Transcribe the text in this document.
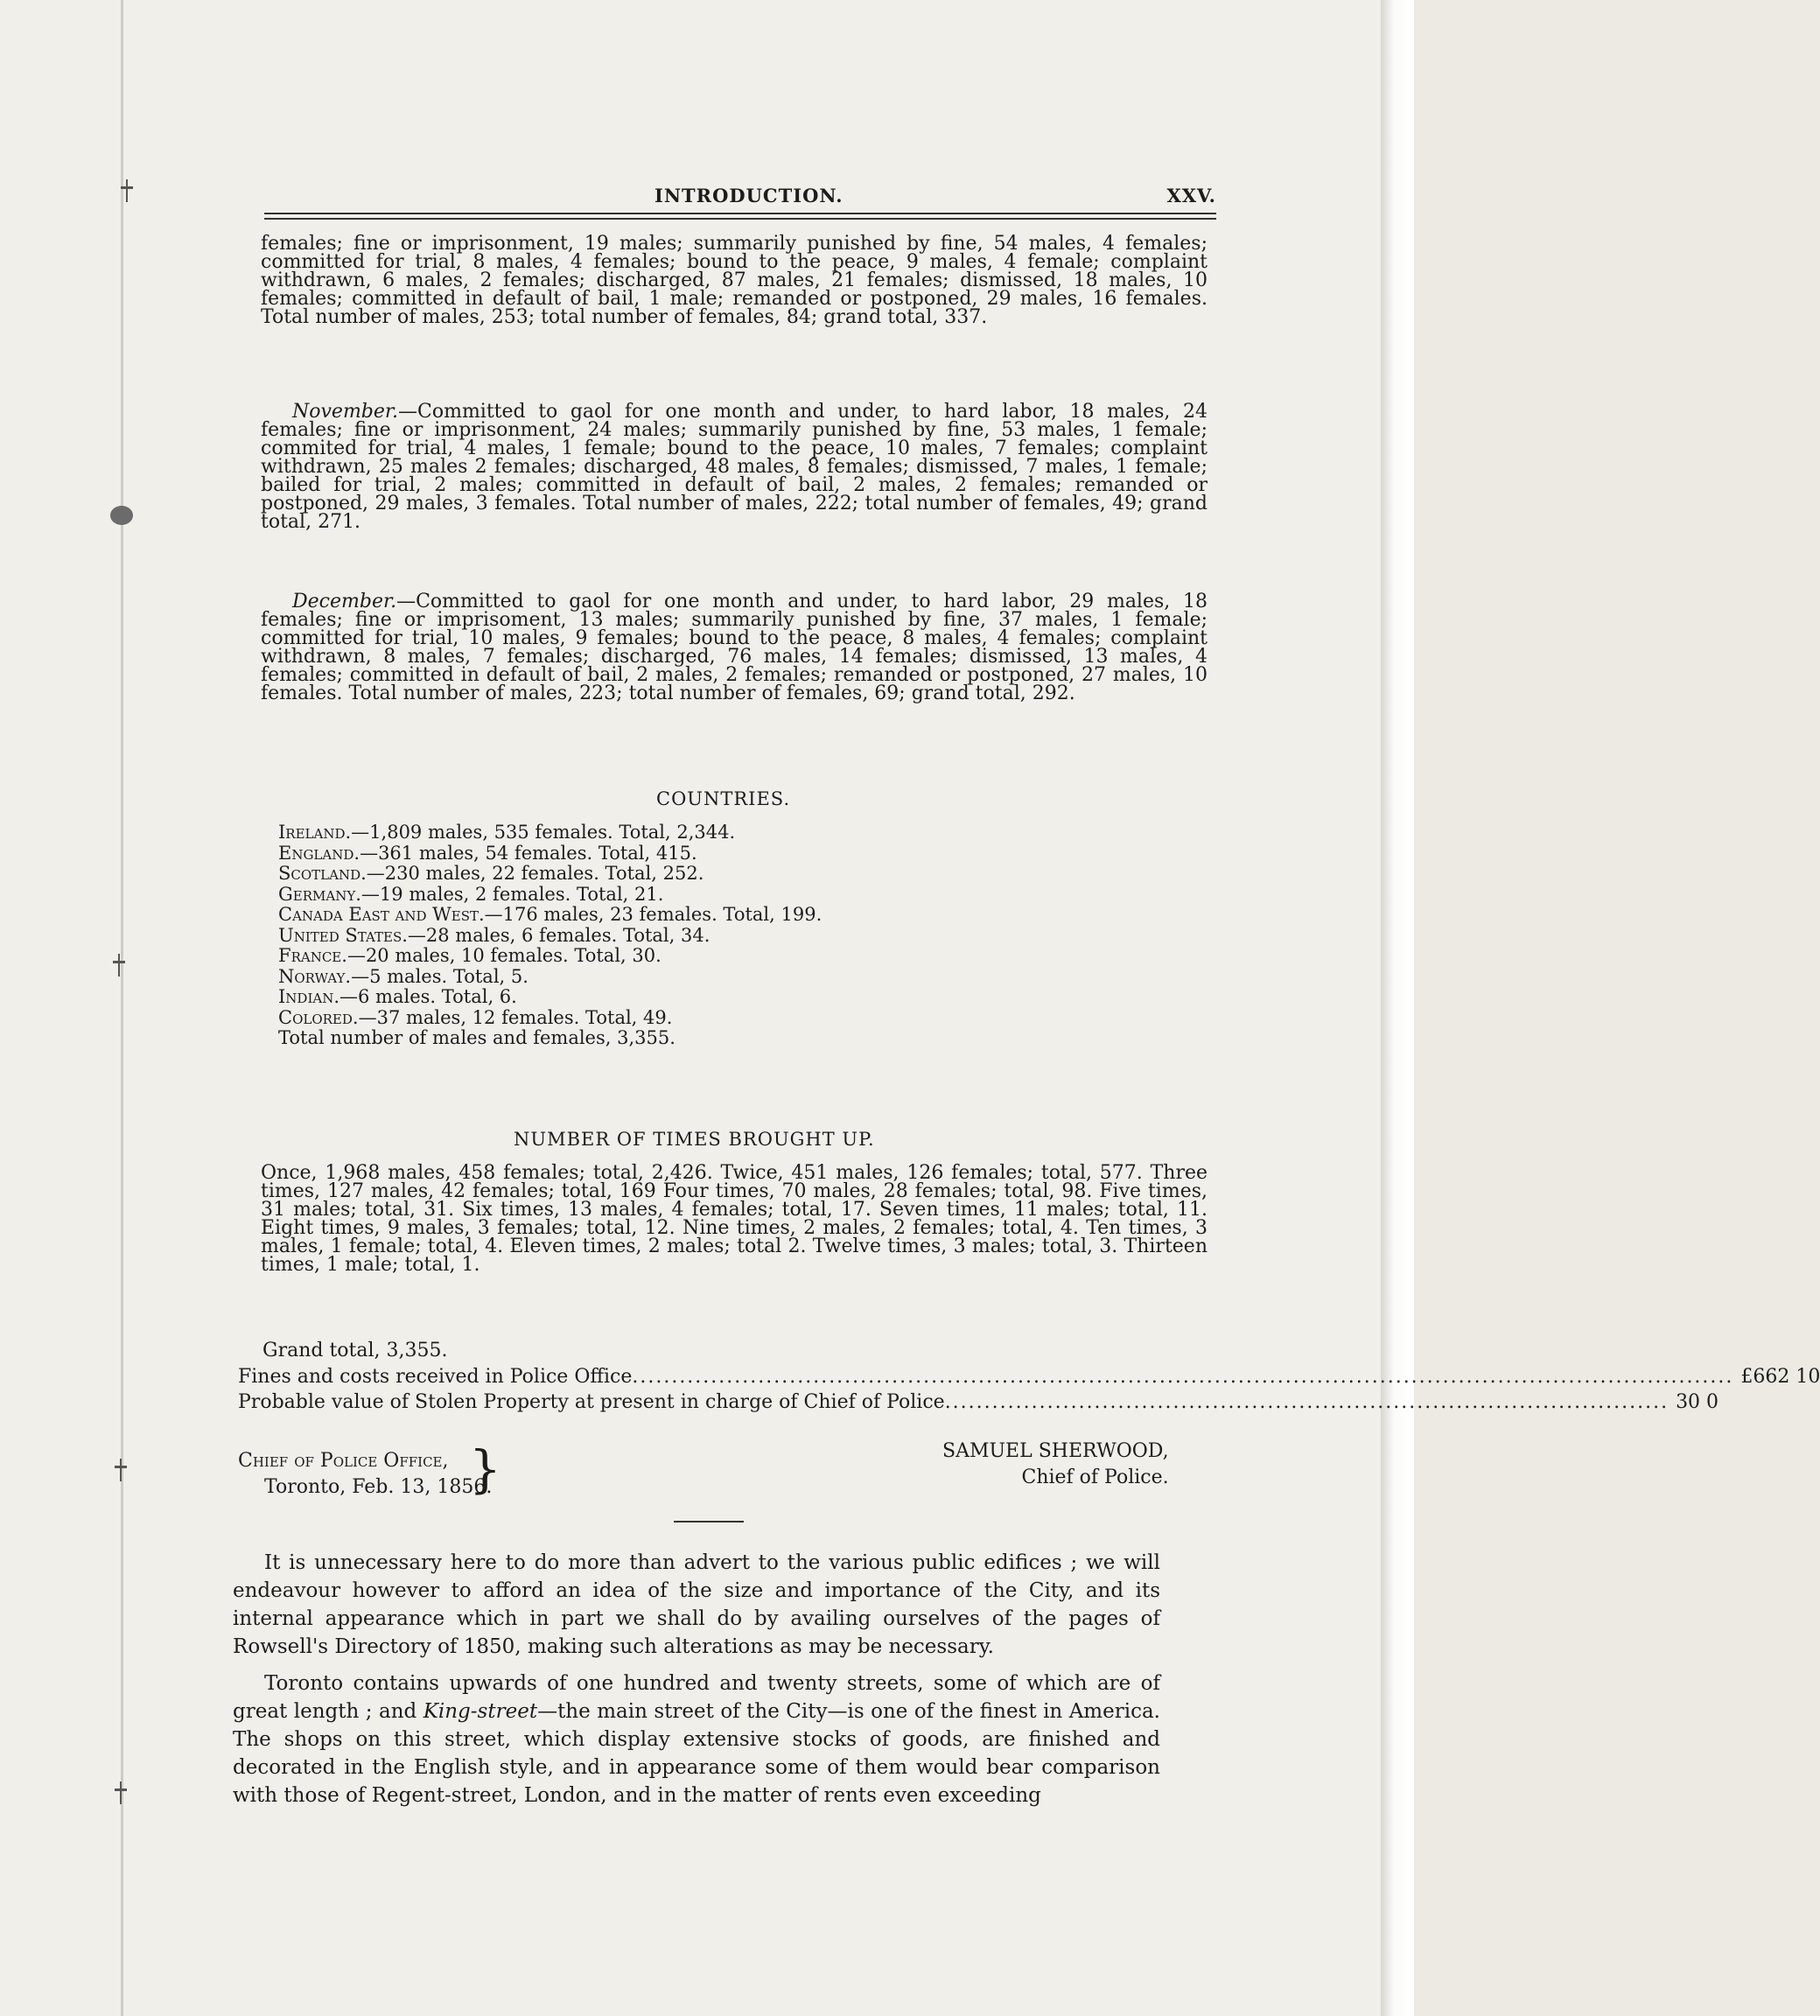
INTRODUCTION.	XXV.

females; fine or imprisonment, 19 males; summarily punished by fine, 54 males, 4 females; committed for trial, 8 males, 4 females; bound to the peace, 9 males, 4 female; complaint withdrawn, 6 males, 2 females; discharged, 87 males, 21 females; dismissed, 18 males, 10 females; committed in default of bail, 1 male; remanded or postponed, 29 males, 16 females. Total number of males, 253; total number of females, 84; grand total, 337.

November.—Committed to gaol for one month and under, to hard labor, 18 males, 24 females; fine or imprisonment, 24 males; summarily punished by fine, 53 males, 1 female; commited for trial, 4 males, 1 female; bound to the peace, 10 males, 7 females; complaint withdrawn, 25 males 2 females; discharged, 48 males, 8 females; dismissed, 7 males, 1 female; bailed for trial, 2 males; committed in default of bail, 2 males, 2 females; remanded or postponed, 29 males, 3 females. Total number of males, 222; total number of females, 49; grand total, 271.

December.—Committed to gaol for one month and under, to hard labor, 29 males, 18 females; fine or imprisoment, 13 males; summarily punished by fine, 37 males, 1 female; committed for trial, 10 males, 9 females; bound to the peace, 8 males, 4 females; complaint withdrawn, 8 males, 7 females; discharged, 76 males, 14 females; dismissed, 13 males, 4 females; committed in default of bail, 2 males, 2 females; remanded or postponed, 27 males, 10 females. Total number of males, 223; total number of females, 69; grand total, 292.

COUNTRIES.
Ireland.—1,809 males, 535 females. Total, 2,344.
England.—361 males, 54 females. Total, 415.
Scotland.—230 males, 22 females. Total, 252.
Germany.—19 males, 2 females. Total, 21.
Canada East and West.—176 males, 23 females. Total, 199.
United States.—28 males, 6 females. Total, 34.
France.—20 males, 10 females. Total, 30.
Norway.—5 males. Total, 5.
Indian.—6 males. Total, 6.
Colored.—37 males, 12 females. Total, 49.
Total number of males and females, 3,355.
NUMBER OF TIMES BROUGHT UP.

Once, 1,968 males, 458 females; total, 2,426. Twice, 451 males, 126 females; total, 577. Three times, 127 males, 42 females; total, 169 Four times, 70 males, 28 females; total, 98. Five times, 31 males; total, 31. Six times, 13 males, 4 females; total, 17. Seven times, 11 males; total, 11. Eight times, 9 males, 3 females; total, 12. Nine times, 2 males, 2 females; total, 4. Ten times, 3 males, 1 female; total, 4. Eleven times, 2 males; total 2. Twelve times, 3 males; total, 3. Thirteen times, 1 male; total, 1.

Grand total, 3,355.
Fines and costs received in Police Office ............................................................................................................................................ £662 10
Probable value of Stolen Property at present in charge of Chief of Police ............................................................................................ 30 0
Chief of Police Office,
Toronto, Feb. 13, 1856.
}	SAMUEL SHERWOOD,
Chief of Police.

It is unnecessary here to do more than advert to the various public edifices ; we will endeavour however to afford an idea of the size and importance of the City, and its internal appearance which in part we shall do by availing ourselves of the pages of Rowsell's Directory of 1850, making such alterations as may be necessary.

Toronto contains upwards of one hundred and twenty streets, some of which are of great length ; and King-street—the main street of the City—is one of the finest in America. The shops on this street, which display extensive stocks of goods, are finished and decorated in the English style, and in appearance some of them would bear comparison with those of Regent-street, London, and in the matter of rents even exceeding
